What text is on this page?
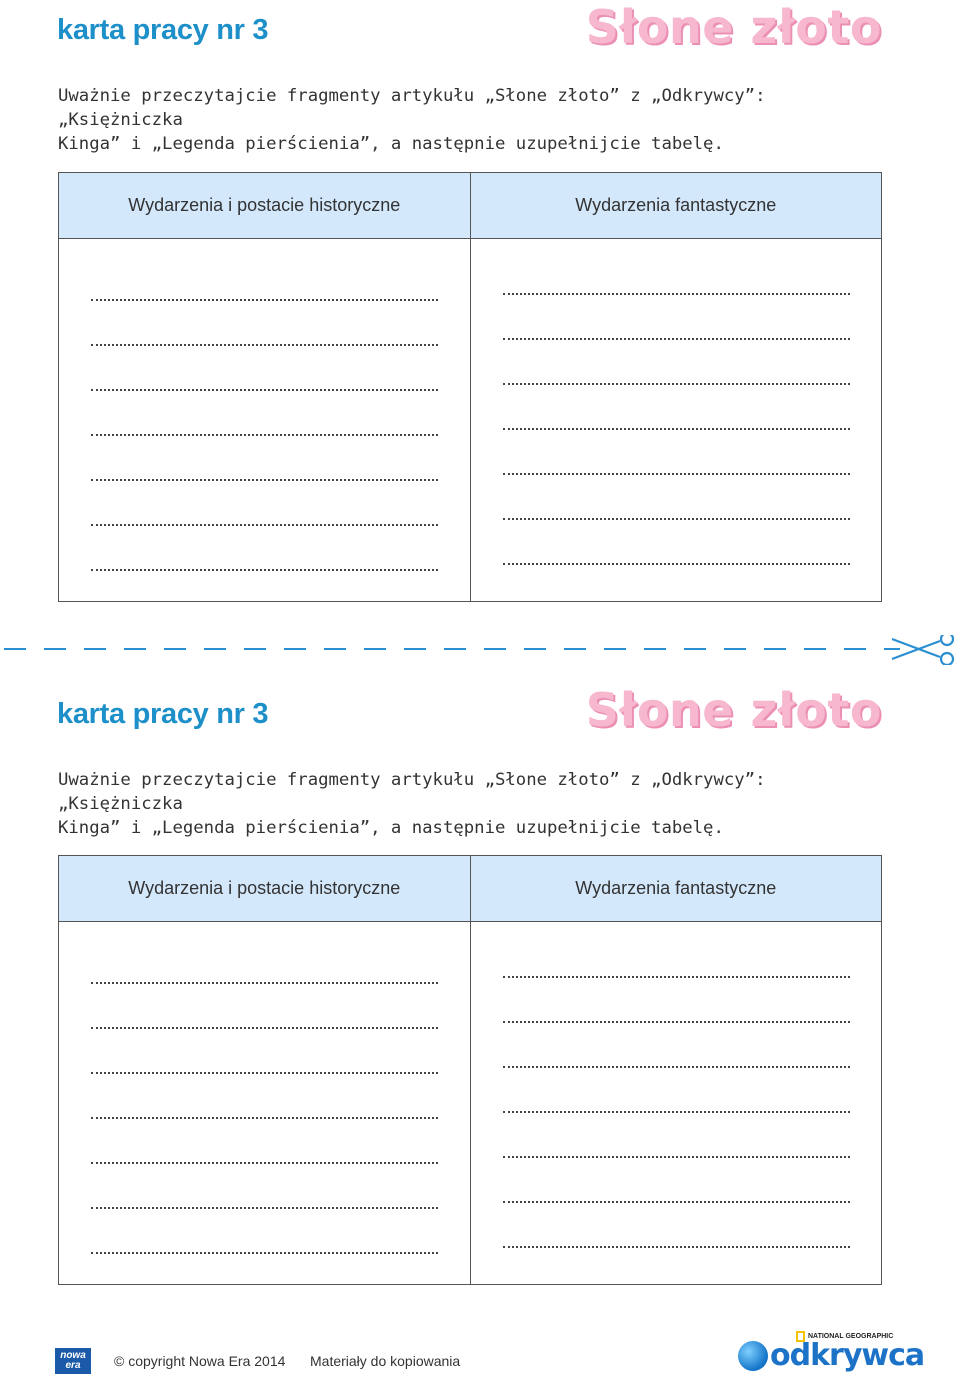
karta pracy nr 3	Słone złoto

Uważnie przeczytajcie fragmenty artykułu „Słone złoto” z „Odkrywcy”: „Księżniczka
Kinga” i „Legenda pierścienia”, a następnie uzupełnijcie tabelę.

Wydarzenia i postacie historyczne	Wydarzenia fantastyczne
karta pracy nr 3	Słone złoto

Uważnie przeczytajcie fragmenty artykułu „Słone złoto” z „Odkrywcy”: „Księżniczka
Kinga” i „Legenda pierścienia”, a następnie uzupełnijcie tabelę.

Wydarzenia i postacie historyczne	Wydarzenia fantastyczne
nowa era	© copyright Nowa Era 2014 Materiały do kopiowania
NATIONAL GEOGRAPHIC
odkrywca
